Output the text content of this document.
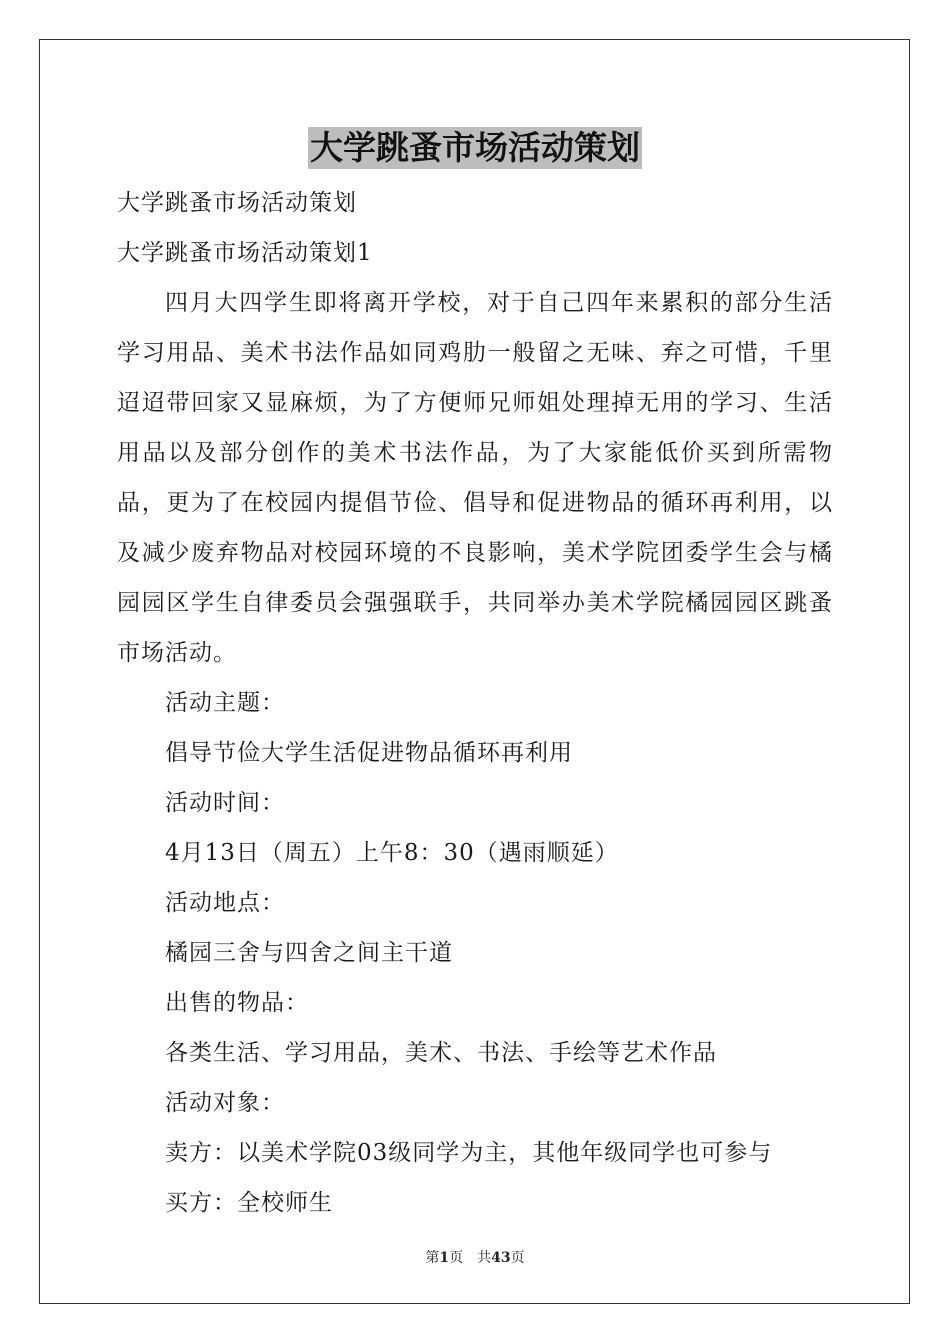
大学跳蚤市场活动策划

大学跳蚤市场活动策划

大学跳蚤市场活动策划1

四月大四学生即将离开学校，对于自己四年来累积的部分生活学习用品、美术书法作品如同鸡肋一般留之无味、弃之可惜，千里迢迢带回家又显麻烦，为了方便师兄师姐处理掉无用的学习、生活用品以及部分创作的美术书法作品，为了大家能低价买到所需物品，更为了在校园内提倡节俭、倡导和促进物品的循环再利用，以及减少废弃物品对校园环境的不良影响，美术学院团委学生会与橘园园区学生自律委员会强强联手，共同举办美术学院橘园园区跳蚤市场活动。

活动主题：

倡导节俭大学生活促进物品循环再利用

活动时间：

4月13日（周五）上午8：30（遇雨顺延）

活动地点：

橘园三舍与四舍之间主干道

出售的物品：

各类生活、学习用品，美术、书法、手绘等艺术作品

活动对象：

卖方：以美术学院03级同学为主，其他年级同学也可参与

买方：全校师生

第1页　共43页
